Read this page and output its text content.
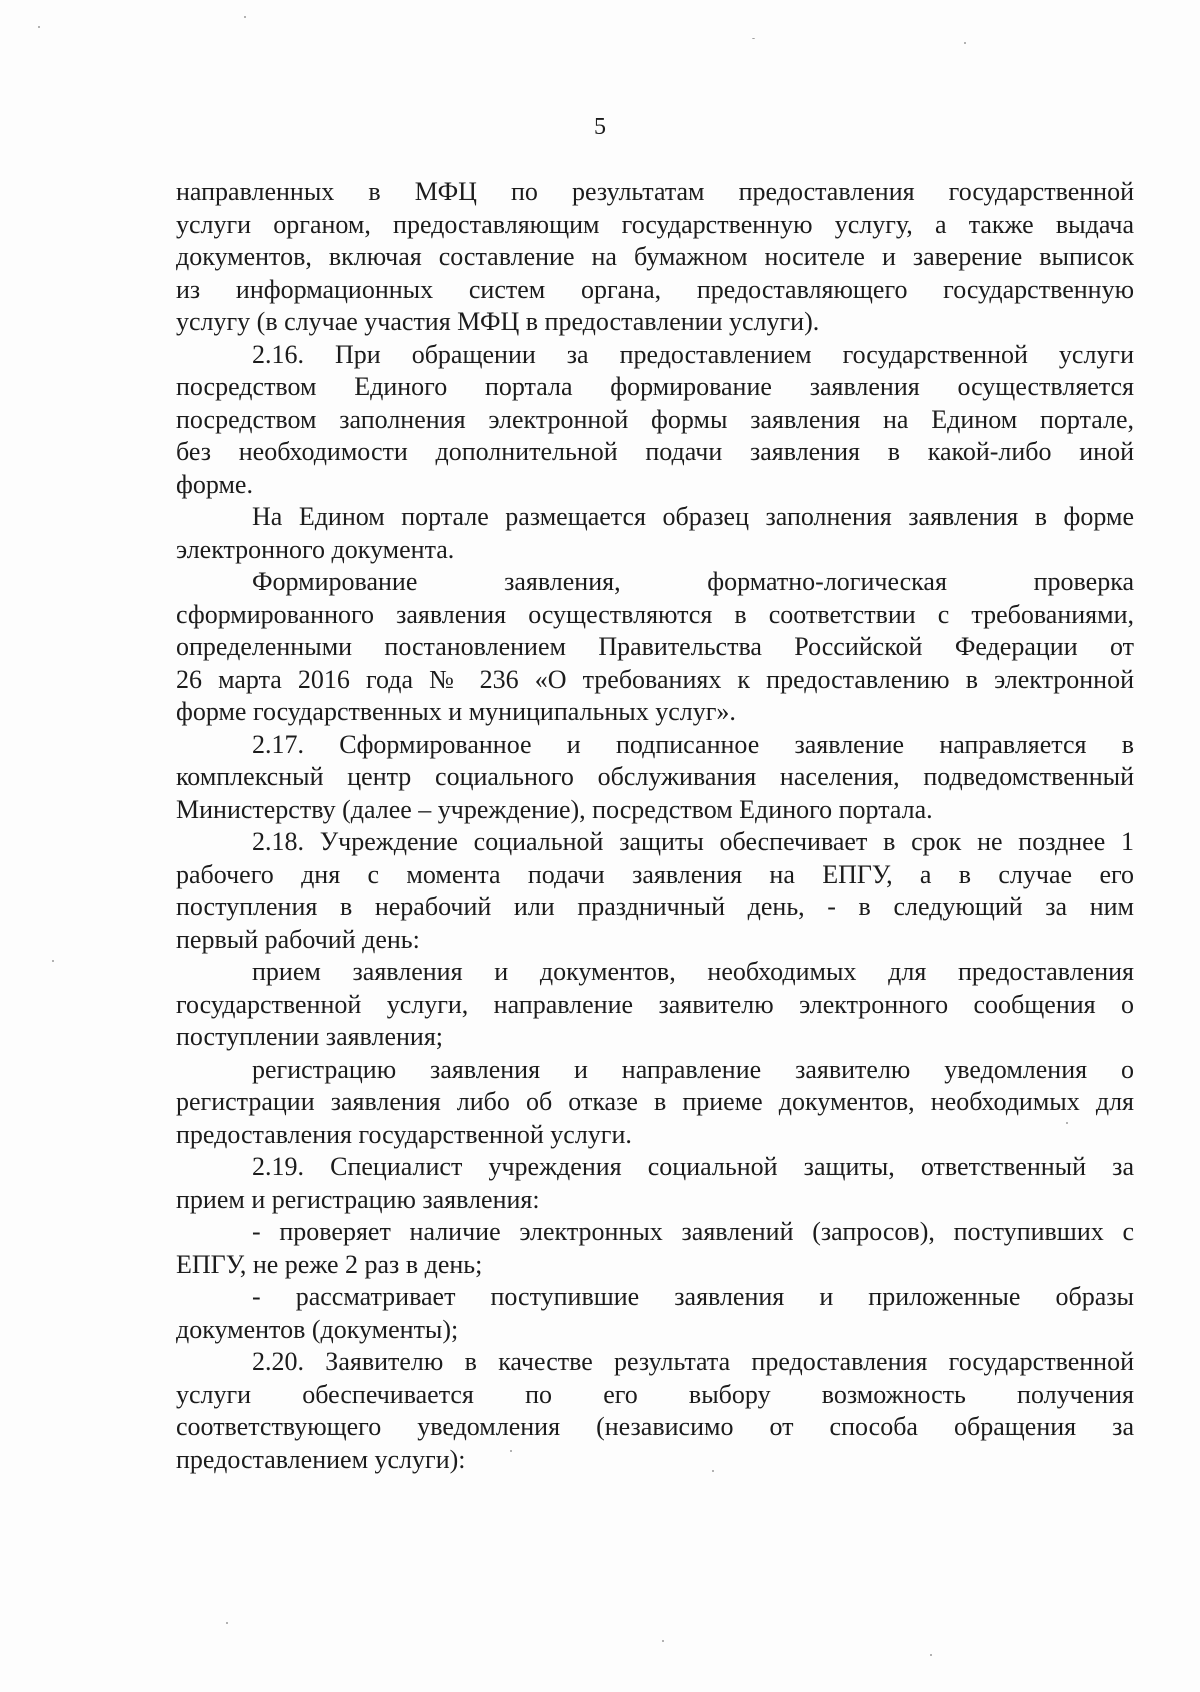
5
направленных в МФЦ по результатам предоставления государственной
услуги органом, предоставляющим государственную услугу, а также выдача
документов, включая составление на бумажном носителе и заверение выписок
из информационных систем органа, предоставляющего государственную
услугу (в случае участия МФЦ в предоставлении услуги).
2.16. При обращении за предоставлением государственной услуги
посредством Единого портала формирование заявления осуществляется
посредством заполнения электронной формы заявления на Едином портале,
без необходимости дополнительной подачи заявления в какой-либо иной
форме.
На Едином портале размещается образец заполнения заявления в форме
электронного документа.
Формирование заявления, форматно-логическая проверка
сформированного заявления осуществляются в соответствии с требованиями,
определенными постановлением Правительства Российской Федерации от
26 марта 2016 года № 236 «О требованиях к предоставлению в электронной
форме государственных и муниципальных услуг».
2.17. Сформированное и подписанное заявление направляется в
комплексный центр социального обслуживания населения, подведомственный
Министерству (далее – учреждение), посредством Единого портала.
2.18. Учреждение социальной защиты обеспечивает в срок не позднее 1
рабочего дня с момента подачи заявления на ЕПГУ, а в случае его
поступления в нерабочий или праздничный день, - в следующий за ним
первый рабочий день:
прием заявления и документов, необходимых для предоставления
государственной услуги, направление заявителю электронного сообщения о
поступлении заявления;
регистрацию заявления и направление заявителю уведомления о
регистрации заявления либо об отказе в приеме документов, необходимых для
предоставления государственной услуги.
2.19. Специалист учреждения социальной защиты, ответственный за
прием и регистрацию заявления:
- проверяет наличие электронных заявлений (запросов), поступивших с
ЕПГУ, не реже 2 раз в день;
- рассматривает поступившие заявления и приложенные образы
документов (документы);
2.20. Заявителю в качестве результата предоставления государственной
услуги обеспечивается по его выбору возможность получения
соответствующего уведомления (независимо от способа обращения за
предоставлением услуги):
